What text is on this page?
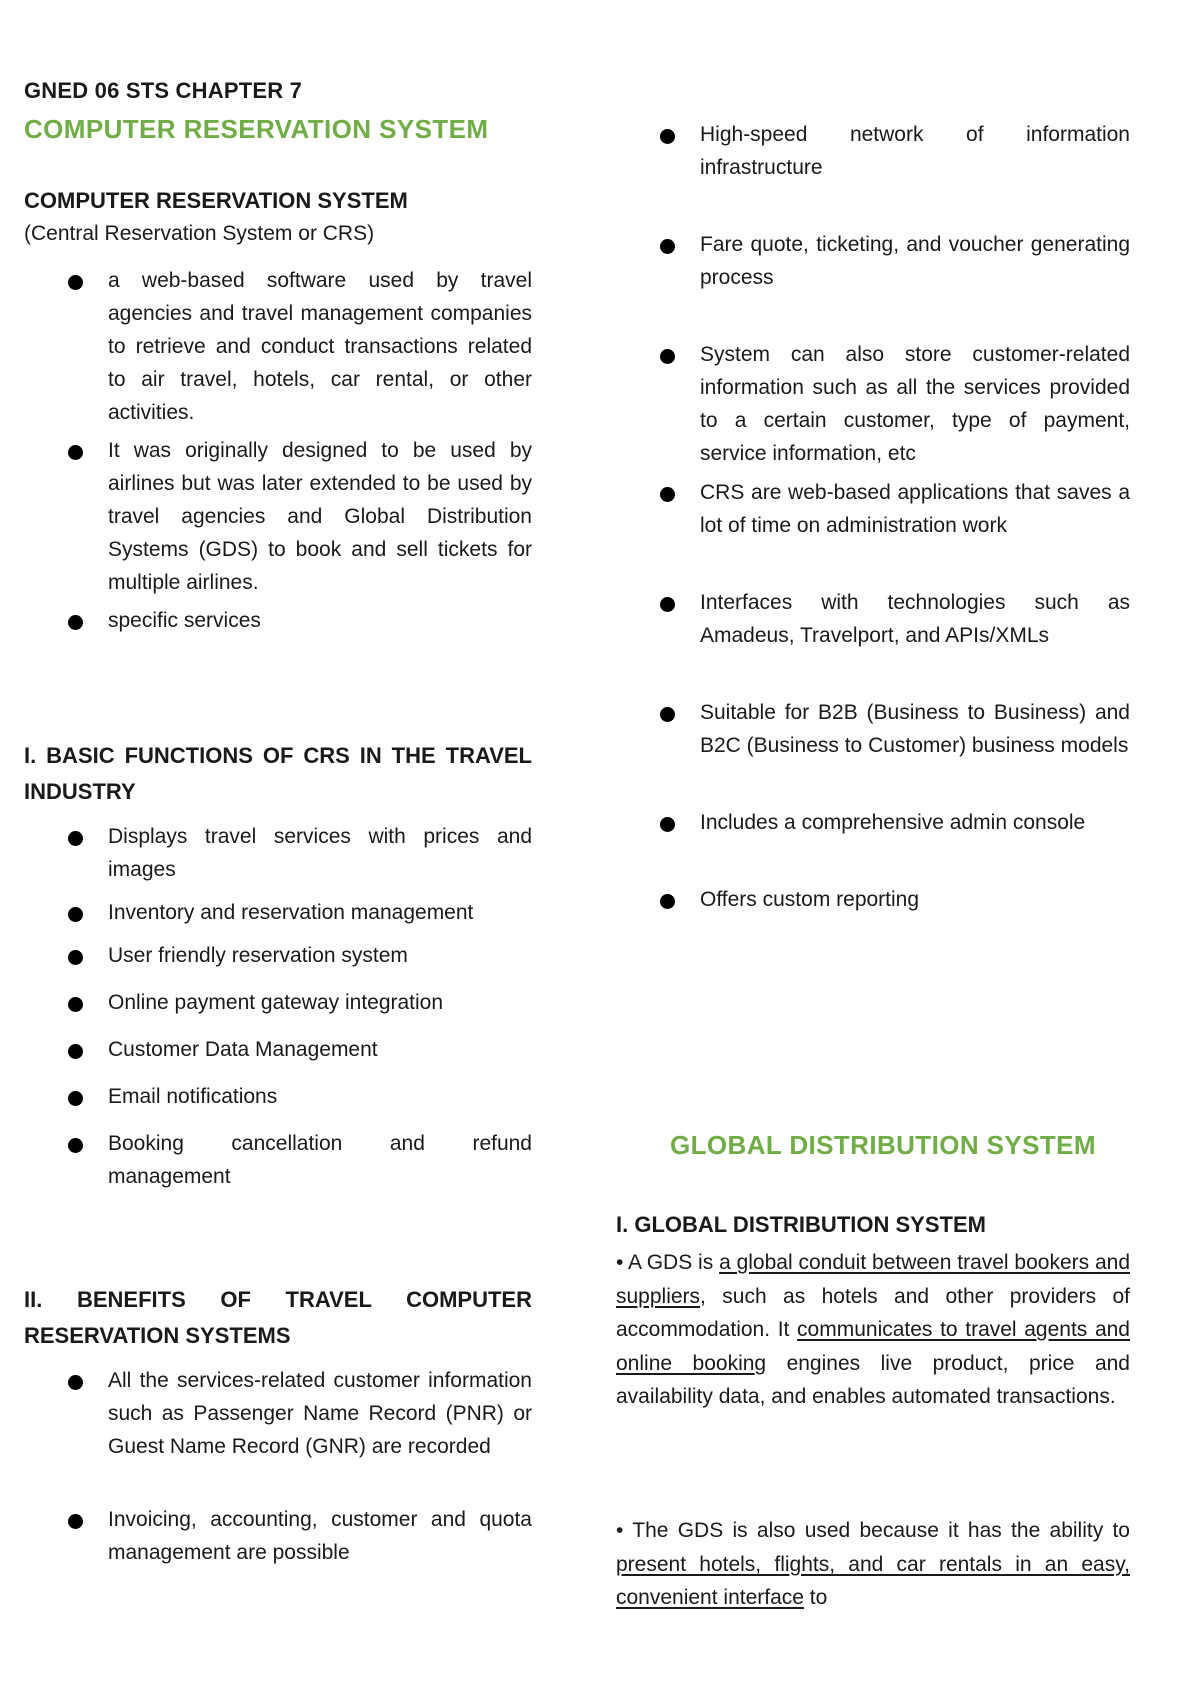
GNED 06 STS CHAPTER 7
COMPUTER RESERVATION SYSTEM
COMPUTER RESERVATION SYSTEM
(Central Reservation System or CRS)
a web-based software used by travel agencies and travel management companies to retrieve and conduct transactions related to air travel, hotels, car rental, or other activities.
It was originally designed to be used by airlines but was later extended to be used by travel agencies and Global Distribution Systems (GDS) to book and sell tickets for multiple airlines.
specific services
I. BASIC FUNCTIONS OF CRS IN THE TRAVEL INDUSTRY
Displays travel services with prices and images
Inventory and reservation management
User friendly reservation system
Online payment gateway integration
Customer Data Management
Email notifications
Booking cancellation and refund management
II. BENEFITS OF TRAVEL COMPUTER RESERVATION SYSTEMS
All the services-related customer information such as Passenger Name Record (PNR) or Guest Name Record (GNR) are recorded
Invoicing, accounting, customer and quota management are possible
High-speed network of information infrastructure
Fare quote, ticketing, and voucher generating process
System can also store customer-related information such as all the services provided to a certain customer, type of payment, service information, etc
CRS are web-based applications that saves a lot of time on administration work
Interfaces with technologies such as Amadeus, Travelport, and APIs/XMLs
Suitable for B2B (Business to Business) and B2C (Business to Customer) business models
Includes a comprehensive admin console
Offers custom reporting
GLOBAL DISTRIBUTION SYSTEM
I. GLOBAL DISTRIBUTION SYSTEM
• A GDS is a global conduit between travel bookers and suppliers, such as hotels and other providers of accommodation. It communicates to travel agents and online booking engines live product, price and availability data, and enables automated transactions.
• The GDS is also used because it has the ability to present hotels, flights, and car rentals in an easy, convenient interface to
